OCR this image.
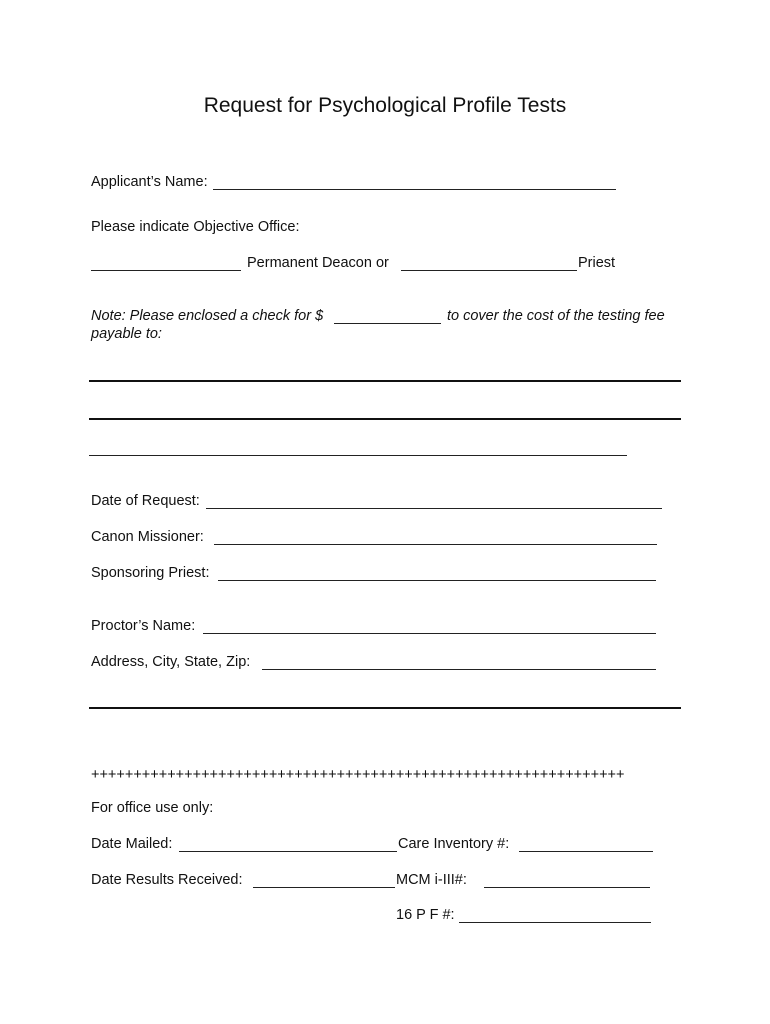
Request for Psychological Profile Tests
Applicant’s Name:
Please indicate Objective Office:
Permanent Deacon or	Priest
Note: Please enclosed a check for $	to cover the cost of the testing fee
payable to:
Date of Request:
Canon Missioner:
Sponsoring Priest:
Proctor’s Name:
Address, City, State, Zip:
+++++++++++++++++++++++++++++++++++++++++++++++++++++++++++++++
For office use only:
Date Mailed:	Care Inventory #:
Date Results Received:	MCM i-III#:
16 P F #:
